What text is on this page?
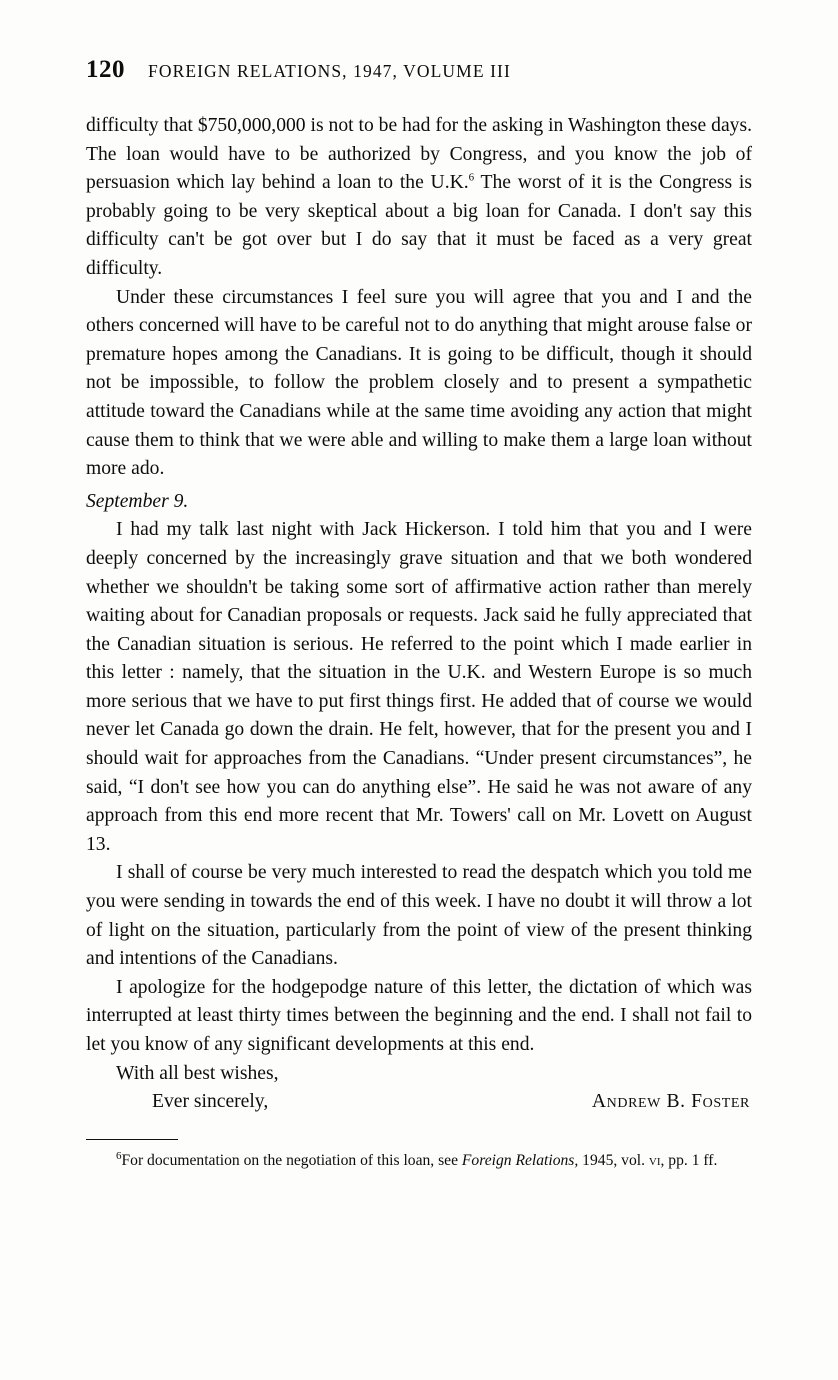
120	FOREIGN RELATIONS, 1947, VOLUME III

difficulty that $750,000,000 is not to be had for the asking in Washington these days. The loan would have to be authorized by Congress, and you know the job of persuasion which lay behind a loan to the U.K.$^6$ The worst of it is the Congress is probably going to be very skeptical about a big loan for Canada. I don't say this difficulty can't be got over but I do say that it must be faced as a very great difficulty.

Under these circumstances I feel sure you will agree that you and I and the others concerned will have to be careful not to do anything that might arouse false or premature hopes among the Canadians. It is going to be difficult, though it should not be impossible, to follow the problem closely and to present a sympathetic attitude toward the Canadians while at the same time avoiding any action that might cause them to think that we were able and willing to make them a large loan without more ado.

September 9.

I had my talk last night with Jack Hickerson. I told him that you and I were deeply concerned by the increasingly grave situation and that we both wondered whether we shouldn't be taking some sort of affirmative action rather than merely waiting about for Canadian proposals or requests. Jack said he fully appreciated that the Canadian situation is serious. He referred to the point which I made earlier in this letter : namely, that the situation in the U.K. and Western Europe is so much more serious that we have to put first things first. He added that of course we would never let Canada go down the drain. He felt, however, that for the present you and I should wait for approaches from the Canadians. “Under present circumstances”, he said, “I don't see how you can do anything else”. He said he was not aware of any approach from this end more recent that Mr. Towers' call on Mr. Lovett on August 13.

I shall of course be very much interested to read the despatch which you told me you were sending in towards the end of this week. I have no doubt it will throw a lot of light on the situation, particularly from the point of view of the present thinking and intentions of the Canadians.

I apologize for the hodgepodge nature of this letter, the dictation of which was interrupted at least thirty times between the beginning and the end. I shall not fail to let you know of any significant developments at this end.

With all best wishes,

Ever sincerely,	Andrew B. Foster

$^6$For documentation on the negotiation of this loan, see Foreign Relations, 1945, vol. vi, pp. 1 ff.
